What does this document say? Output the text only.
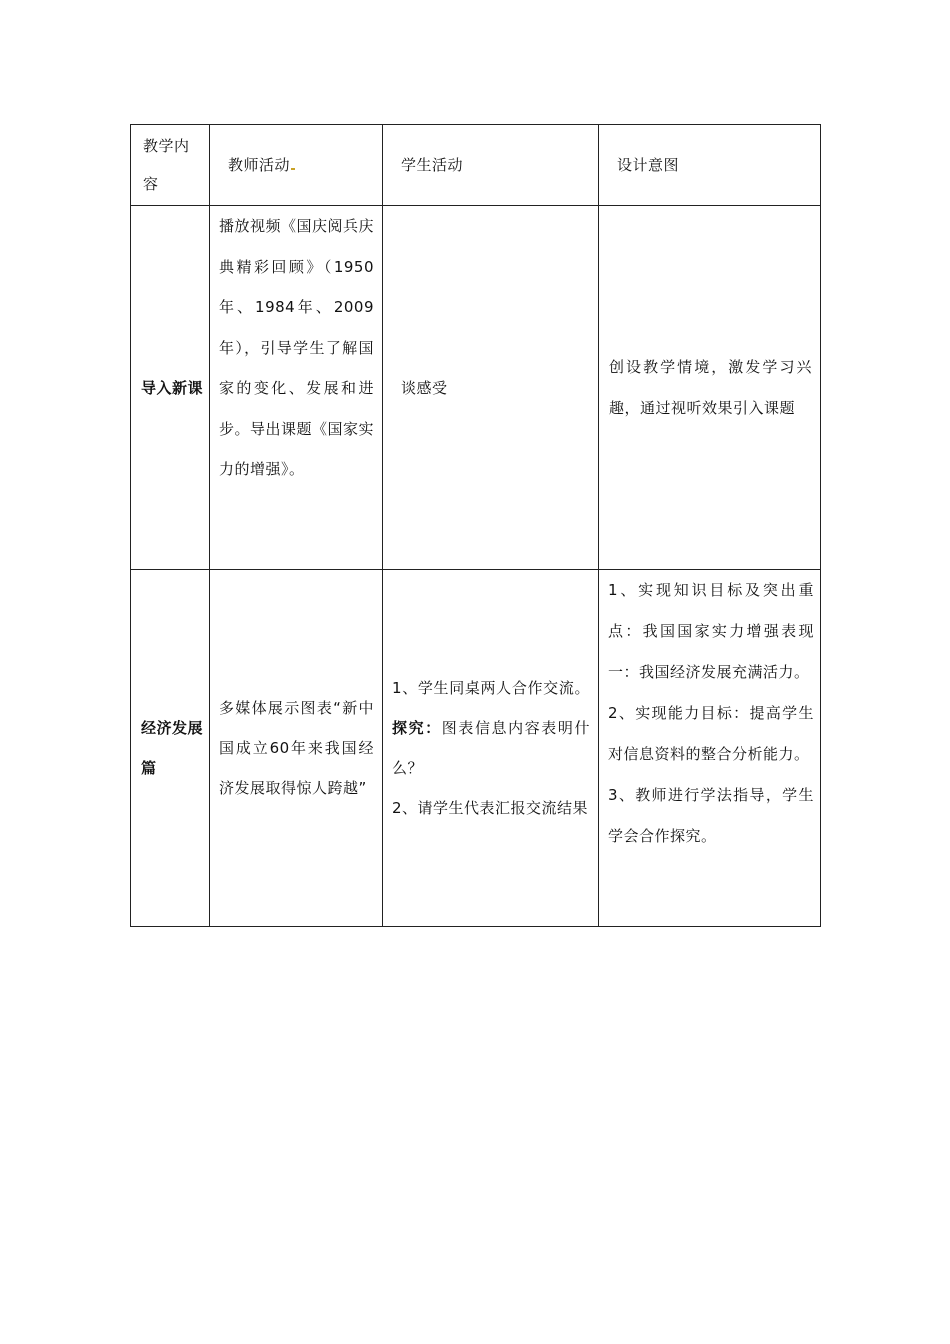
教学内容	教师活动	学生活动	设计意图

导入新课	播放视频《国庆阅兵庆典精彩回顾》（1950年、1984年、2009年），引导学生了解国家的变化、发展和进步。导出课题《国家实力的增强》。	谈感受	创设教学情境，激发学习兴趣，通过视听效果引入课题

经济发展篇	多媒体展示图表“新中国成立60年来我国经济发展取得惊人跨越”	1、学生同桌两人合作交流。探究：图表信息内容表明什么？
2、请学生代表汇报交流结果	1、实现知识目标及突出重点：我国国家实力增强表现一：我国经济发展充满活力。
2、实现能力目标：提高学生对信息资料的整合分析能力。
3、教师进行学法指导，学生学会合作探究。
